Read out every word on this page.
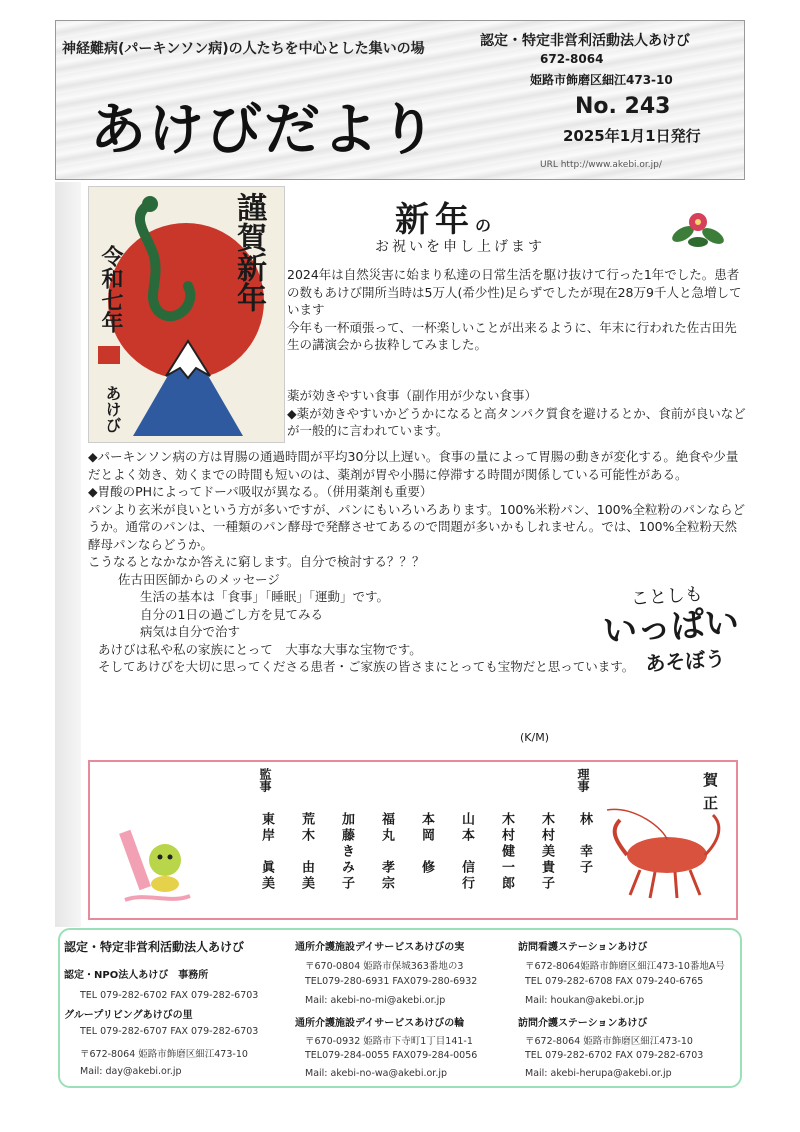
神経難病(パーキンソン病)の人たちを中心とした集いの場	認定・特定非営利活動法人あけび
672-8064
姫路市飾磨区細江473-10
あけびだより	No. 243
2025年1月1日発行
URL http://www.akebi.or.jp/
謹賀新年
令和七年
あけび
新年の
お祝いを申し上げます
2024年は自然災害に始まり私達の日常生活を駆け抜けて行った1年でした。患者の数もあけび開所当時は5万人(希少性)足らずでしたが現在28万9千人と急増しています
今年も一杯頑張って、一杯楽しいことが出来るように、年末に行われた佐古田先生の講演会から抜粋してみました。
薬が効きやすい食事（副作用が少ない食事）
◆薬が効きやすいかどうかになると高タンパク質食を避けるとか、食前が良いなどが一般的に言われています。
◆パーキンソン病の方は胃腸の通過時間が平均30分以上遅い。食事の量によって胃腸の動きが変化する。絶食や少量だとよく効き、効くまでの時間も短いのは、薬剤が胃や小腸に停滞する時間が関係している可能性がある。
◆胃酸のPHによってドーパ吸収が異なる。（併用薬剤も重要）
パンより玄米が良いという方が多いですが、パンにもいろいろあります。100%米粉パン、100%全粒粉のパンならどうか。通常のパンは、一種類のパン酵母で発酵させてあるので問題が多いかもしれません。では、100%全粒粉天然酵母パンならどうか。
こうなるとなかなか答えに窮します。自分で検討する？？？
佐古田医師からのメッセージ
生活の基本は「食事」「睡眠」「運動」です。
自分の1日の過ごし方を見てみる
病気は自分で治す
あけびは私や私の家族にとって　大事な大事な宝物です。
そしてあけびを大切に思ってくださる患者・ご家族の皆さまにとっても宝物だと思っています。
(K/M)
ことしも
いっぱい
あそぼう
理事
林　幸子
木村美貴子
木村健一郎
山本　信行
本岡　修
福丸　孝宗
加藤きみ子
荒木　由美
監事
東岸　眞美
賀正
認定・特定非営利活動法人あけび
認定・NPO法人あけび　事務所
TEL 079-282-6702 FAX 079-282-6703
グループリビングあけびの里
TEL 079-282-6707 FAX 079-282-6703
〒672-8064 姫路市飾磨区細江473-10
Mail: day@akebi.or.jp
通所介護施設デイサービスあけびの実
〒670-0804 姫路市保城363番地の3
TEL079-280-6931 FAX079-280-6932
Mail: akebi-no-mi@akebi.or.jp
通所介護施設デイサービスあけびの輪
〒670-0932 姫路市下寺町1丁目141-1
TEL079-284-0055 FAX079-284-0056
Mail: akebi-no-wa@akebi.or.jp
訪問看護ステーションあけび
〒672-8064姫路市飾磨区細江473-10番地A号
TEL 079-282-6708 FAX 079-240-6765
Mail: houkan@akebi.or.jp
訪問介護ステーションあけび
〒672-8064 姫路市飾磨区細江473-10
TEL 079-282-6702 FAX 079-282-6703
Mail: akebi-herupa@akebi.or.jp
